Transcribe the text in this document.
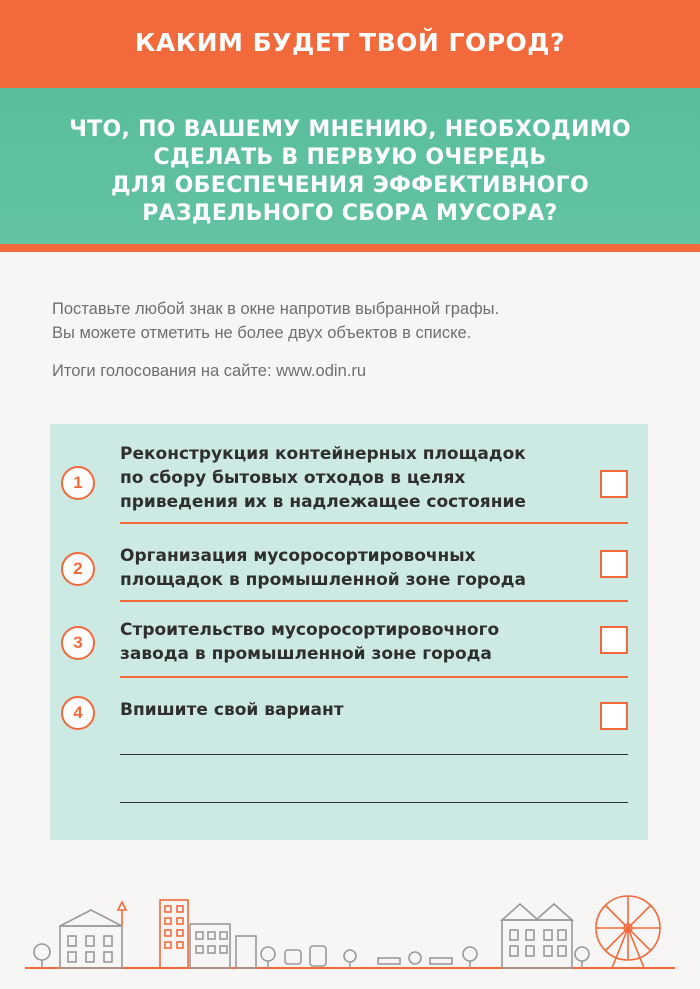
КАКИМ БУДЕТ ТВОЙ ГОРОД?
ЧТО, ПО ВАШЕМУ МНЕНИЮ, НЕОБХОДИМО
СДЕЛАТЬ В ПЕРВУЮ ОЧЕРЕДЬ
ДЛЯ ОБЕСПЕЧЕНИЯ ЭФФЕКТИВНОГО
РАЗДЕЛЬНОГО СБОРА МУСОРА?
Поставьте любой знак в окне напротив выбранной графы.
Вы можете отметить не более двух объектов в списке.
Итоги голосования на сайте: www.odin.ru
1
Реконструкция контейнерных площадок
по сбору бытовых отходов в целях
приведения их в надлежащее состояние
2
Организация мусоросортировочных
площадок в промышленной зоне города
3
Строительство мусоросортировочного
завода в промышленной зоне города
4	Впишите свой вариант
